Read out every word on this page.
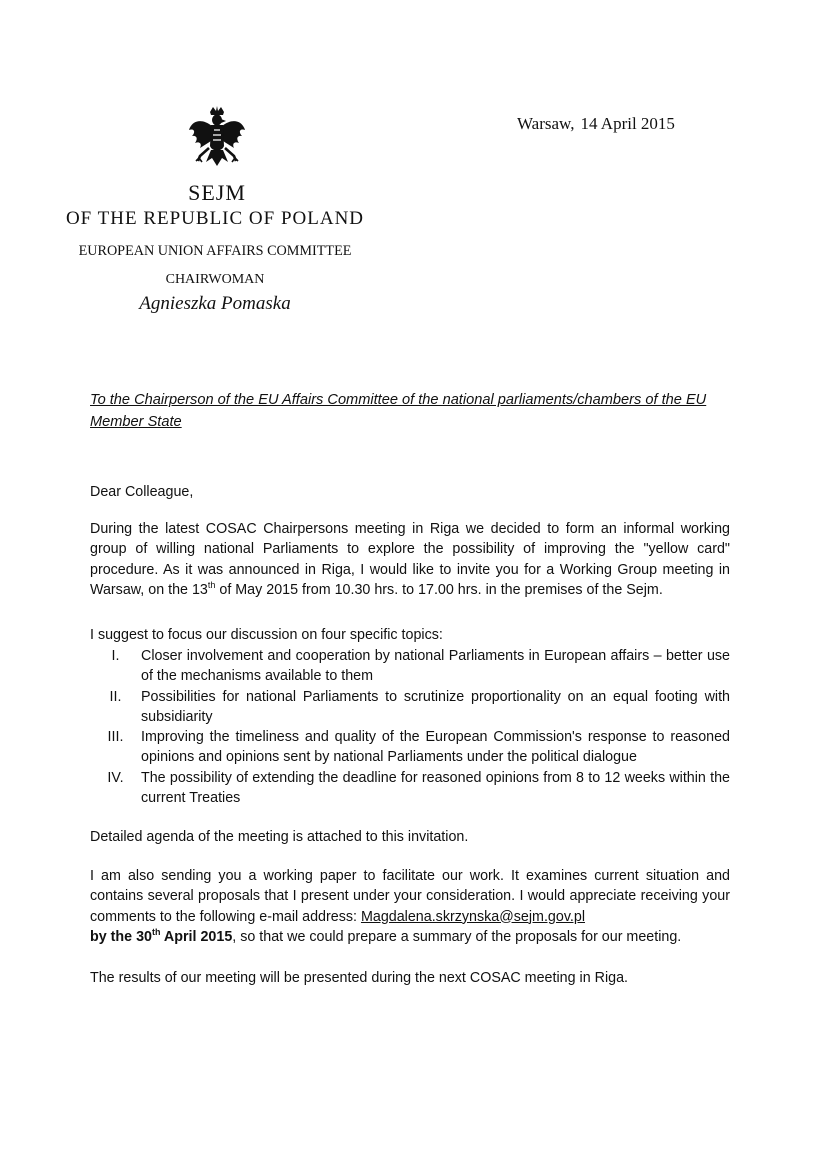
Warsaw, 14 April 2015
SEJM
OF THE REPUBLIC OF POLAND
EUROPEAN UNION AFFAIRS COMMITTEE
CHAIRWOMAN
Agnieszka Pomaska
To the Chairperson of the EU Affairs Committee of the national parliaments/chambers of the EU Member State
Dear Colleague,
During the latest COSAC Chairpersons meeting in Riga we decided to form an informal working group of willing national Parliaments to explore the possibility of improving the "yellow card" procedure. As it was announced in Riga, I would like to invite you for a Working Group meeting in Warsaw, on the 13th of May 2015 from 10.30 hrs. to 17.00 hrs. in the premises of the Sejm.
I suggest to focus our discussion on four specific topics:
I.	Closer involvement and cooperation by national Parliaments in European affairs – better use of the mechanisms available to them
II.	Possibilities for national Parliaments to scrutinize proportionality on an equal footing with subsidiarity
III.	Improving the timeliness and quality of the European Commission's response to reasoned opinions and opinions sent by national Parliaments under the political dialogue
IV.	The possibility of extending the deadline for reasoned opinions from 8 to 12 weeks within the current Treaties
Detailed agenda of the meeting is attached to this invitation.
I am also sending you a working paper to facilitate our work. It examines current situation and contains several proposals that I present under your consideration. I would appreciate receiving your comments to the following e-mail address: Magdalena.skrzynska@sejm.gov.pl
by the 30th April 2015, so that we could prepare a summary of the proposals for our meeting.
The results of our meeting will be presented during the next COSAC meeting in Riga.
